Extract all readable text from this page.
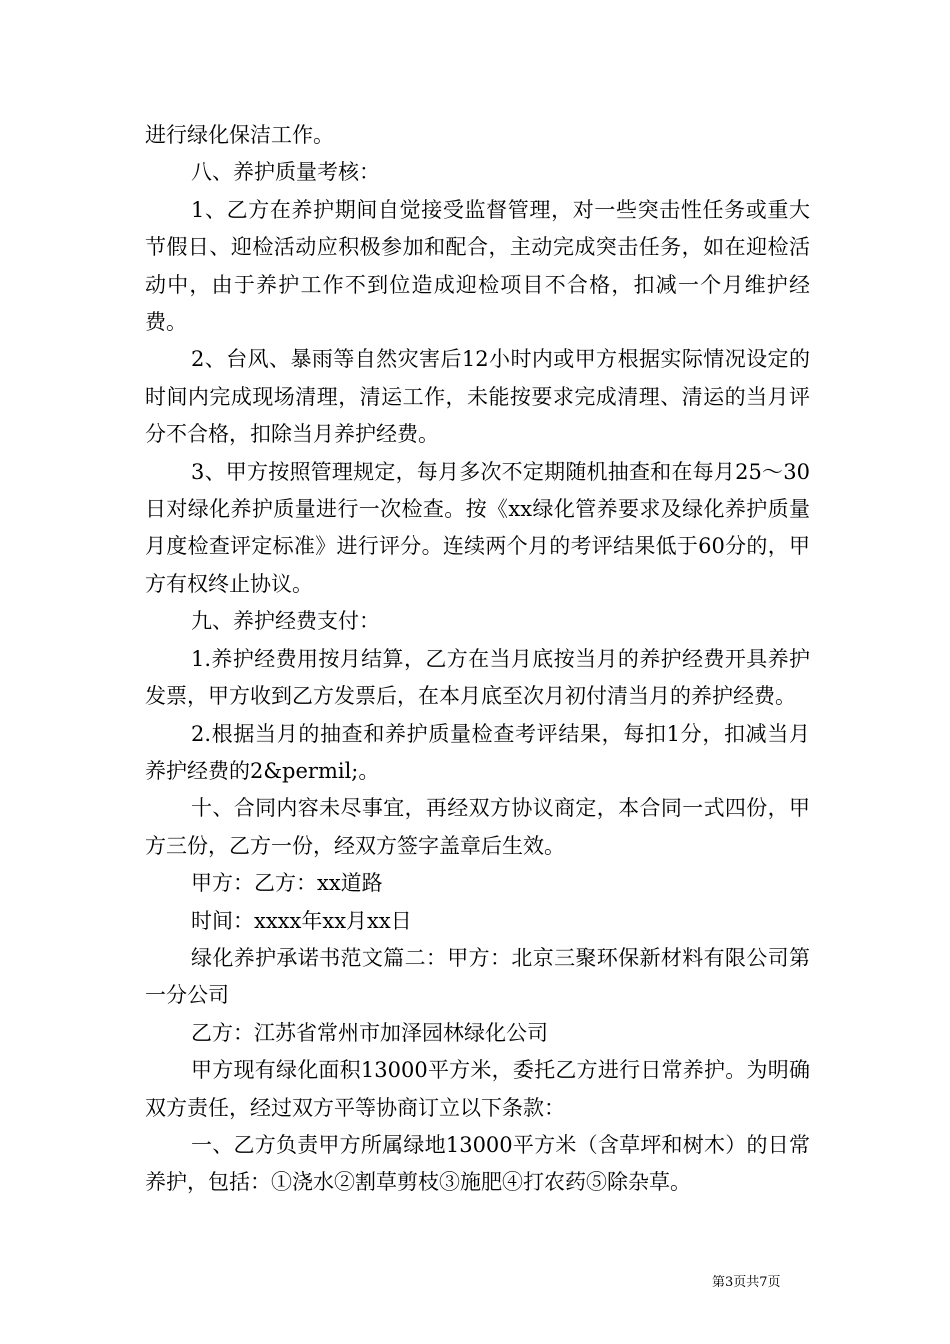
进行绿化保洁工作。

八、养护质量考核：

1、乙方在养护期间自觉接受监督管理，对一些突击性任务或重大节假日、迎检活动应积极参加和配合，主动完成突击任务，如在迎检活动中，由于养护工作不到位造成迎检项目不合格，扣减一个月维护经费。

2、台风、暴雨等自然灾害后12小时内或甲方根据实际情况设定的时间内完成现场清理，清运工作，未能按要求完成清理、清运的当月评分不合格，扣除当月养护经费。

3、甲方按照管理规定，每月多次不定期随机抽查和在每月25～30日对绿化养护质量进行一次检查。按《xx绿化管养要求及绿化养护质量月度检查评定标准》进行评分。连续两个月的考评结果低于60分的，甲方有权终止协议。

九、养护经费支付：

1.养护经费用按月结算，乙方在当月底按当月的养护经费开具养护发票，甲方收到乙方发票后，在本月底至次月初付清当月的养护经费。

2.根据当月的抽查和养护质量检查考评结果，每扣1分，扣减当月养护经费的2&permil;。

十、合同内容未尽事宜，再经双方协议商定，本合同一式四份，甲方三份，乙方一份，经双方签字盖章后生效。

甲方：乙方：xx道路

时间：xxxx年xx月xx日

绿化养护承诺书范文篇二：甲方：北京三聚环保新材料有限公司第一分公司

乙方：江苏省常州市加泽园林绿化公司

甲方现有绿化面积13000平方米，委托乙方进行日常养护。为明确双方责任，经过双方平等协商订立以下条款：

一、乙方负责甲方所属绿地13000平方米（含草坪和树木）的日常养护，包括：①浇水②割草剪枝③施肥④打农药⑤除杂草。

第3页共7页
